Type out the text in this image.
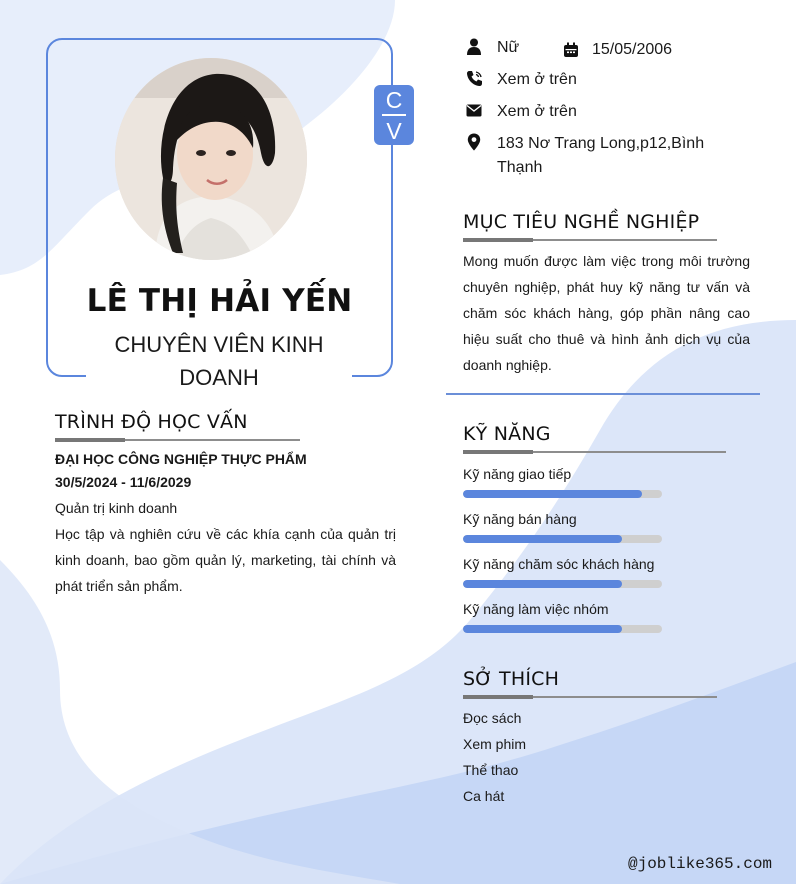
C
V
LÊ THỊ HẢI YẾN
CHUYÊN VIÊN KINH DOANH
Nữ	15/05/2006
Xem ở trên
Xem ở trên
183 Nơ Trang Long,p12,Bình Thạnh
MỤC TIÊU NGHỀ NGHIỆP
Mong muốn được làm việc trong môi trường chuyên nghiệp, phát huy kỹ năng tư vấn và chăm sóc khách hàng, góp phần nâng cao hiệu suất cho thuê và hình ảnh dịch vụ của doanh nghiệp.
TRÌNH ĐỘ HỌC VẤN
ĐẠI HỌC CÔNG NGHIỆP THỰC PHẨM
30/5/2024 - 11/6/2029
Quản trị kinh doanh
Học tập và nghiên cứu về các khía cạnh của quản trị kinh doanh, bao gồm quản lý, marketing, tài chính và phát triển sản phẩm.
KỸ NĂNG
Kỹ năng giao tiếp
Kỹ năng bán hàng
Kỹ năng chăm sóc khách hàng
Kỹ năng làm việc nhóm
SỞ THÍCH
Đọc sách
Xem phim
Thể thao
Ca hát
@joblike365.com
